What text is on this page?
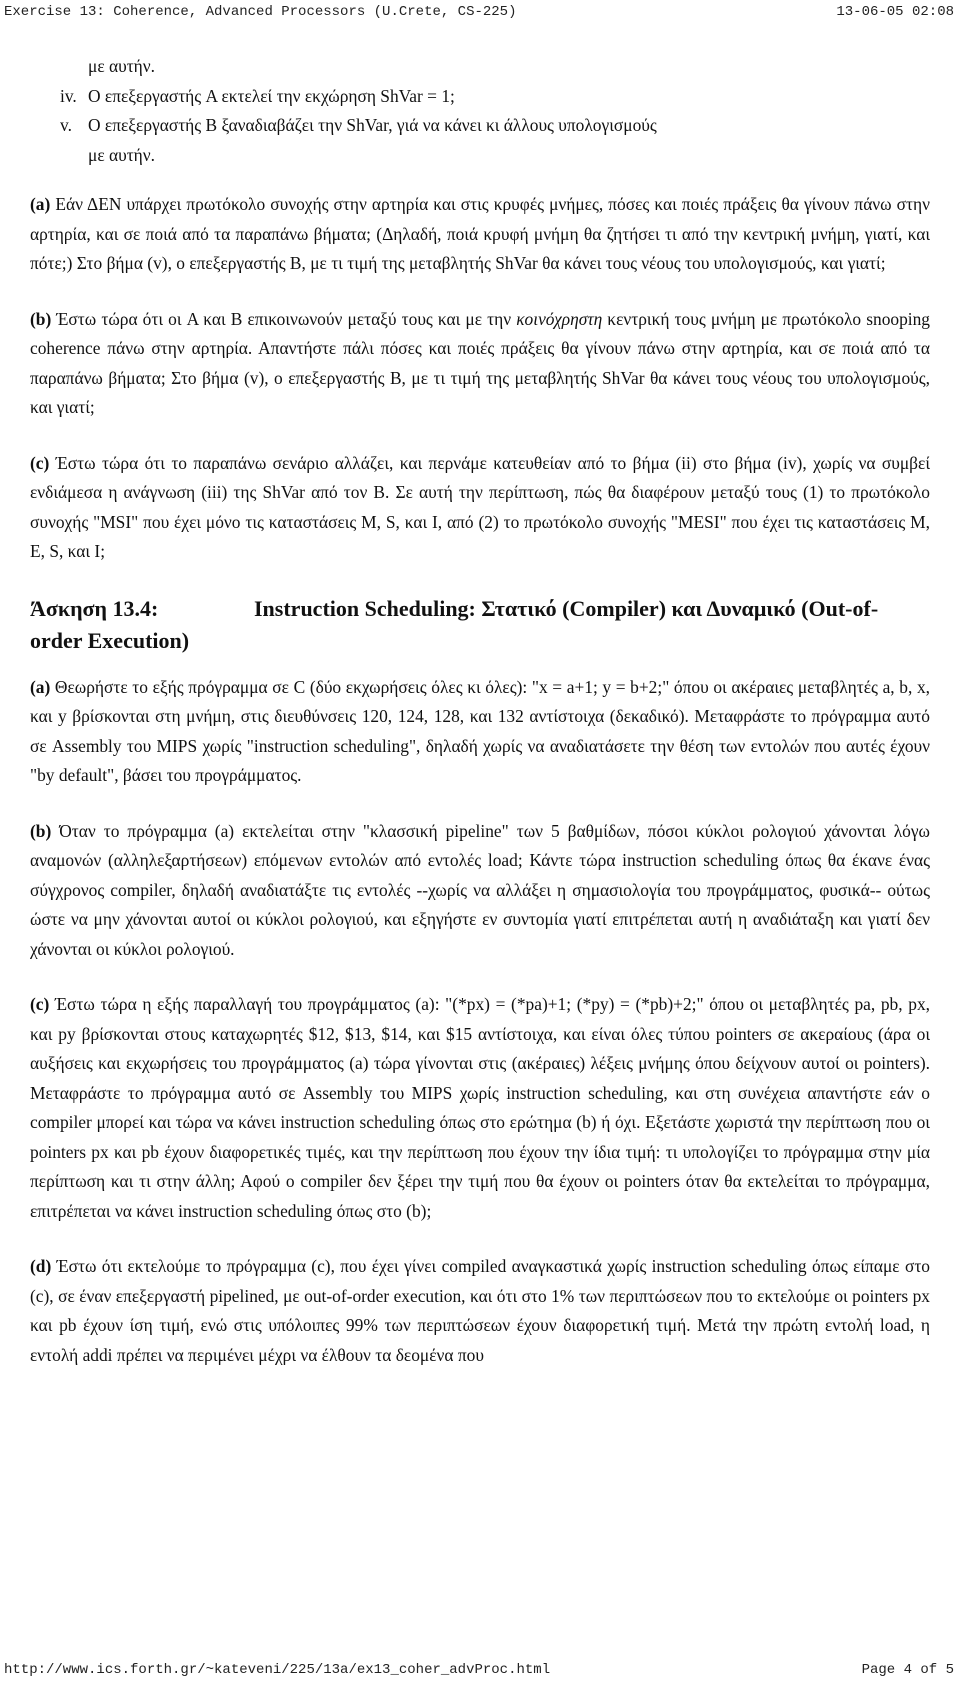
Exercise 13: Coherence, Advanced Processors (U.Crete, CS-225)	13-06-05 02:08
με αυτήν.
iv. Ο επεξεργαστής A εκτελεί την εκχώρηση ShVar = 1;
v. Ο επεξεργαστής B ξαναδιαβάζει την ShVar, γιά να κάνει κι άλλους υπολογισμούς
με αυτήν.

(a) Εάν ΔΕΝ υπάρχει πρωτόκολο συνοχής στην αρτηρία και στις κρυφές μνήμες, πόσες και ποιές πράξεις θα γίνουν πάνω στην αρτηρία, και σε ποιά από τα παραπάνω βήματα; (Δηλαδή, ποιά κρυφή μνήμη θα ζητήσει τι από την κεντρική μνήμη, γιατί, και πότε;) Στο βήμα (v), ο επεξεργαστής B, με τι τιμή της μεταβλητής ShVar θα κάνει τους νέους του υπολογισμούς, και γιατί;

(b) Έστω τώρα ότι οι A και B επικοινωνούν μεταξύ τους και με την κοινόχρηστη κεντρική τους μνήμη με πρωτόκολο snooping coherence πάνω στην αρτηρία. Απαντήστε πάλι πόσες και ποιές πράξεις θα γίνουν πάνω στην αρτηρία, και σε ποιά από τα παραπάνω βήματα; Στο βήμα (v), ο επεξεργαστής B, με τι τιμή της μεταβλητής ShVar θα κάνει τους νέους του υπολογισμούς, και γιατί;

(c) Έστω τώρα ότι το παραπάνω σενάριο αλλάζει, και περνάμε κατευθείαν από το βήμα (ii) στο βήμα (iv), χωρίς να συμβεί ενδιάμεσα η ανάγνωση (iii) της ShVar από τον B. Σε αυτή την περίπτωση, πώς θα διαφέρουν μεταξύ τους (1) το πρωτόκολο συνοχής "MSI" που έχει μόνο τις καταστάσεις M, S, και I, από (2) το πρωτόκολο συνοχής "MESI" που έχει τις καταστάσεις M, E, S, και I;

Άσκηση 13.4:	Instruction Scheduling: Στατικό (Compiler) και Δυναμικό (Out-of-order Execution)

(a) Θεωρήστε το εξής πρόγραμμα σε C (δύο εκχωρήσεις όλες κι όλες): "x = a+1; y = b+2;" όπου οι ακέραιες μεταβλητές a, b, x, και y βρίσκονται στη μνήμη, στις διευθύνσεις 120, 124, 128, και 132 αντίστοιχα (δεκαδικό). Μεταφράστε το πρόγραμμα αυτό σε Assembly του MIPS χωρίς "instruction scheduling", δηλαδή χωρίς να αναδιατάσετε την θέση των εντολών που αυτές έχουν "by default", βάσει του προγράμματος.

(b) Όταν το πρόγραμμα (a) εκτελείται στην "κλασσική pipeline" των 5 βαθμίδων, πόσοι κύκλοι ρολογιού χάνονται λόγω αναμονών (αλληλεξαρτήσεων) επόμενων εντολών από εντολές load; Κάντε τώρα instruction scheduling όπως θα έκανε ένας σύγχρονος compiler, δηλαδή αναδιατάξτε τις εντολές --χωρίς να αλλάξει η σημασιολογία του προγράμματος, φυσικά-- ούτως ώστε να μην χάνονται αυτοί οι κύκλοι ρολογιού, και εξηγήστε εν συντομία γιατί επιτρέπεται αυτή η αναδιάταξη και γιατί δεν χάνονται οι κύκλοι ρολογιού.

(c) Έστω τώρα η εξής παραλλαγή του προγράμματος (a): "(*px) = (*pa)+1; (*py) = (*pb)+2;" όπου οι μεταβλητές pa, pb, px, και py βρίσκονται στους καταχωρητές $12, $13, $14, και $15 αντίστοιχα, και είναι όλες τύπου pointers σε ακεραίους (άρα οι αυξήσεις και εκχωρήσεις του προγράμματος (a) τώρα γίνονται στις (ακέραιες) λέξεις μνήμης όπου δείχνουν αυτοί οι pointers). Μεταφράστε το πρόγραμμα αυτό σε Assembly του MIPS χωρίς instruction scheduling, και στη συνέχεια απαντήστε εάν ο compiler μπορεί και τώρα να κάνει instruction scheduling όπως στο ερώτημα (b) ή όχι. Εξετάστε χωριστά την περίπτωση που οι pointers px και pb έχουν διαφορετικές τιμές, και την περίπτωση που έχουν την ίδια τιμή: τι υπολογίζει το πρόγραμμα στην μία περίπτωση και τι στην άλλη; Αφού ο compiler δεν ξέρει την τιμή που θα έχουν οι pointers όταν θα εκτελείται το πρόγραμμα, επιτρέπεται να κάνει instruction scheduling όπως στο (b);

(d) Έστω ότι εκτελούμε το πρόγραμμα (c), που έχει γίνει compiled αναγκαστικά χωρίς instruction scheduling όπως είπαμε στο (c), σε έναν επεξεργαστή pipelined, με out-of-order execution, και ότι στο 1% των περιπτώσεων που το εκτελούμε οι pointers px και pb έχουν ίση τιμή, ενώ στις υπόλοιπες 99% των περιπτώσεων έχουν διαφορετική τιμή. Μετά την πρώτη εντολή load, η εντολή addi πρέπει να περιμένει μέχρι να έλθουν τα δεομένα που

http://www.ics.forth.gr/~kateveni/225/13a/ex13_coher_advProc.html	Page 4 of 5
